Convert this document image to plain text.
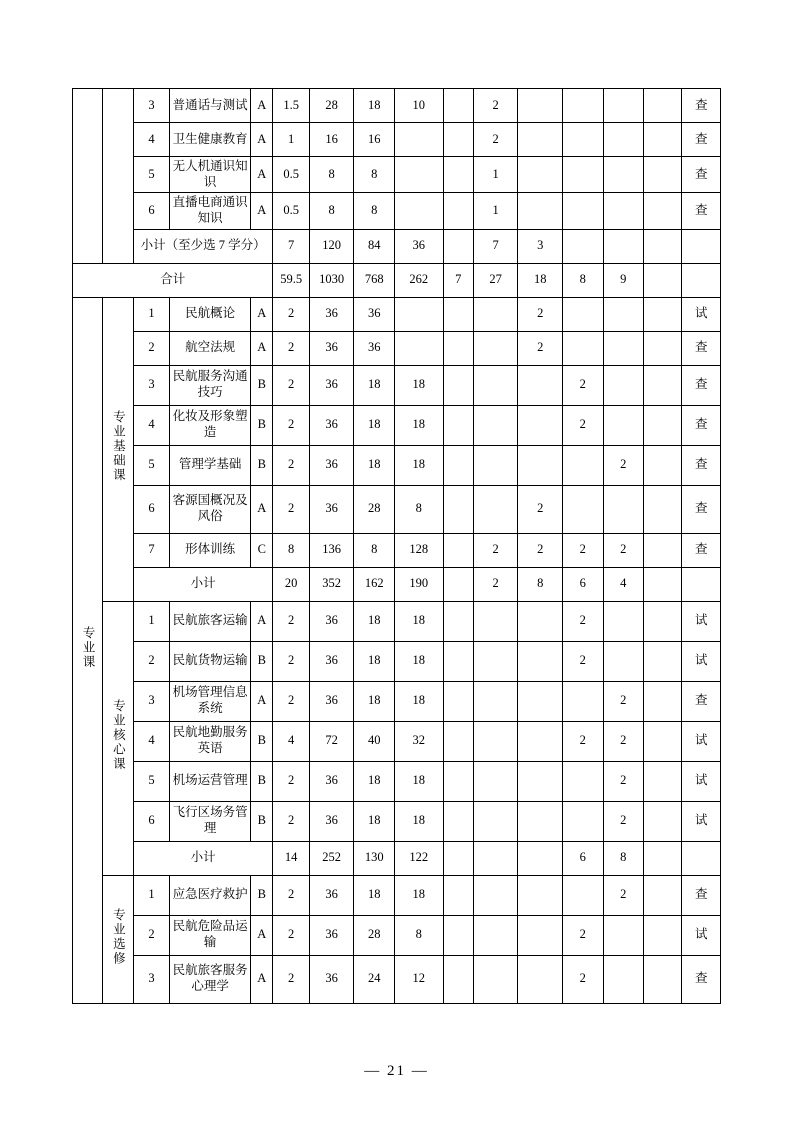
		3	普通话与测试	A	1.5	28	18	10		2					查
		4	卫生健康教育	A	1	16	16			2					查
		5	无人机通识知识	A	0.5	8	8			1					查
		6	直播电商通识知识	A	0.5	8	8			1					查
		小计（至少选 7 学分）			7	120	84	36		7	3				
合计					59.5	1030	768	262	7	27	18	8	9		
专业课	专业基础课	1	民航概论	A	2	36	36				2				试
		2	航空法规	A	2	36	36				2				查
		3	民航服务沟通技巧	B	2	36	18	18				2			查
		4	化妆及形象塑造	B	2	36	18	18				2			查
		5	管理学基础	B	2	36	18	18					2		查
		6	客源国概况及风俗	A	2	36	28	8			2				查
		7	形体训练	C	8	136	8	128		2	2	2	2		查
		小计			20	352	162	190		2	8	6	4		
	专业核心课	1	民航旅客运输	A	2	36	18	18				2			试
		2	民航货物运输	B	2	36	18	18				2			试
		3	机场管理信息系统	A	2	36	18	18					2		查
		4	民航地勤服务英语	B	4	72	40	32				2	2		试
		5	机场运营管理	B	2	36	18	18					2		试
		6	飞行区场务管理	B	2	36	18	18					2		试
		小计			14	252	130	122				6	8		
	专业选修	1	应急医疗救护	B	2	36	18	18					2		查
		2	民航危险品运输	A	2	36	28	8				2			试
		3	民航旅客服务心理学	A	2	36	24	12				2			查
— 21 —
